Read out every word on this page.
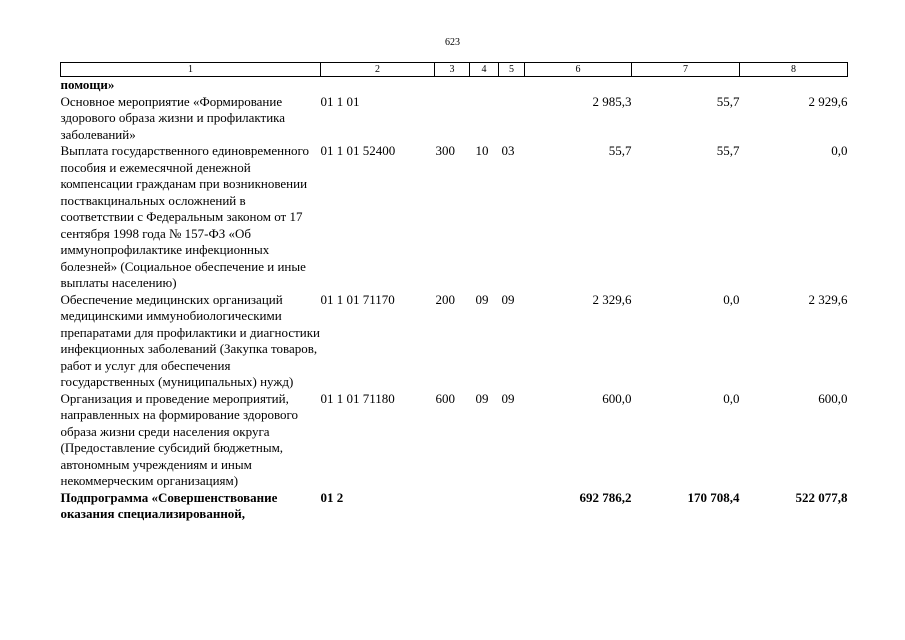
623
1	2	3	4	5	6	7	8
помощи»							
Основное мероприятие «Формирование здорового образа жизни и профилактика заболеваний»	01 1 01				2 985,3	55,7	2 929,6
Выплата государственного единовременного пособия и ежемесячной денежной компенсации гражданам при возникновении поствакцинальных осложнений в соответствии с Федеральным законом от 17 сентября 1998 года № 157-ФЗ «Об иммунопрофилактике инфекционных болезней» (Социальное обеспечение и иные выплаты населению)	01 1 01 52400	300	10	03	55,7	55,7	0,0
Обеспечение медицинских организаций медицинскими иммунобиологическими препаратами для профилактики и диагностики инфекционных заболеваний (Закупка товаров, работ и услуг для обеспечения государственных (муниципальных) нужд)	01 1 01 71170	200	09	09	2 329,6	0,0	2 329,6
Организация и проведение мероприятий, направленных на формирование здорового образа жизни среди населения округа (Предоставление субсидий бюджетным, автономным учреждениям и иным некоммерческим организациям)	01 1 01 71180	600	09	09	600,0	0,0	600,0
Подпрограмма «Совершенствование оказания специализированной,	01 2				692 786,2	170 708,4	522 077,8
